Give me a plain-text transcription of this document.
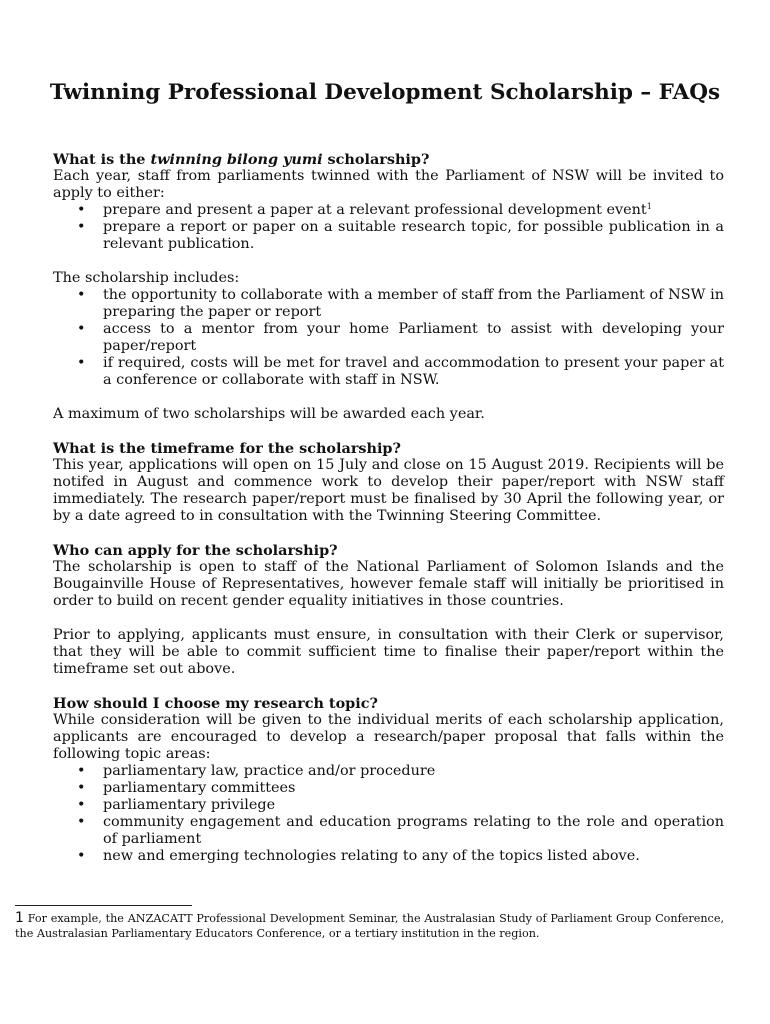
Twinning Professional Development Scholarship – FAQs
What is the twinning bilong yumi scholarship?

Each year, staff from parliaments twinned with the Parliament of NSW will be invited to apply to either:

• prepare and present a paper at a relevant professional development event$^1$
• prepare a report or paper on a suitable research topic, for possible publication in a relevant publication.

The scholarship includes:

• the opportunity to collaborate with a member of staff from the Parliament of NSW in preparing the paper or report
• access to a mentor from your home Parliament to assist with developing your paper/report
• if required, costs will be met for travel and accommodation to present your paper at a conference or collaborate with staff in NSW.

A maximum of two scholarships will be awarded each year.

What is the timeframe for the scholarship?

This year, applications will open on 15 July and close on 15 August 2019. Recipients will be notifed in August and commence work to develop their paper/report with NSW staff immediately. The research paper/report must be finalised by 30 April the following year, or by a date agreed to in consultation with the Twinning Steering Committee.

Who can apply for the scholarship?

The scholarship is open to staff of the National Parliament of Solomon Islands and the Bougainville House of Representatives, however female staff will initially be prioritised in order to build on recent gender equality initiatives in those countries.

Prior to applying, applicants must ensure, in consultation with their Clerk or supervisor, that they will be able to commit sufficient time to finalise their paper/report within the timeframe set out above.

How should I choose my research topic?

While consideration will be given to the individual merits of each scholarship application, applicants are encouraged to develop a research/paper proposal that falls within the following topic areas:

• parliamentary law, practice and/or procedure
• parliamentary committees
• parliamentary privilege
• community engagement and education programs relating to the role and operation of parliament
• new and emerging technologies relating to any of the topics listed above.

1 For example, the ANZACATT Professional Development Seminar, the Australasian Study of Parliament Group Conference, the Australasian Parliamentary Educators Conference, or a tertiary institution in the region.
